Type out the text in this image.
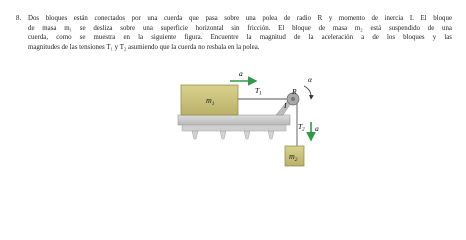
8. Dos bloques están conectados por una cuerda que pasa sobre una polea de radio R y momento de inercia I. El bloque
de masa m₁ se desliza sobre una superficie horizontal sin fricción. El bloque de masa m₂ está suspendido de una
cuerda, como se muestra en la siguiente figura. Encuentre la magnitud de la aceleración a de los bloques y las
magnitudes de las tensiones T₁ y T₂ asumiendo que la cuerda no resbala en la polea.
$m_1$
a
$T_1$
I
R
α
$T_2$ a
$m_2$
